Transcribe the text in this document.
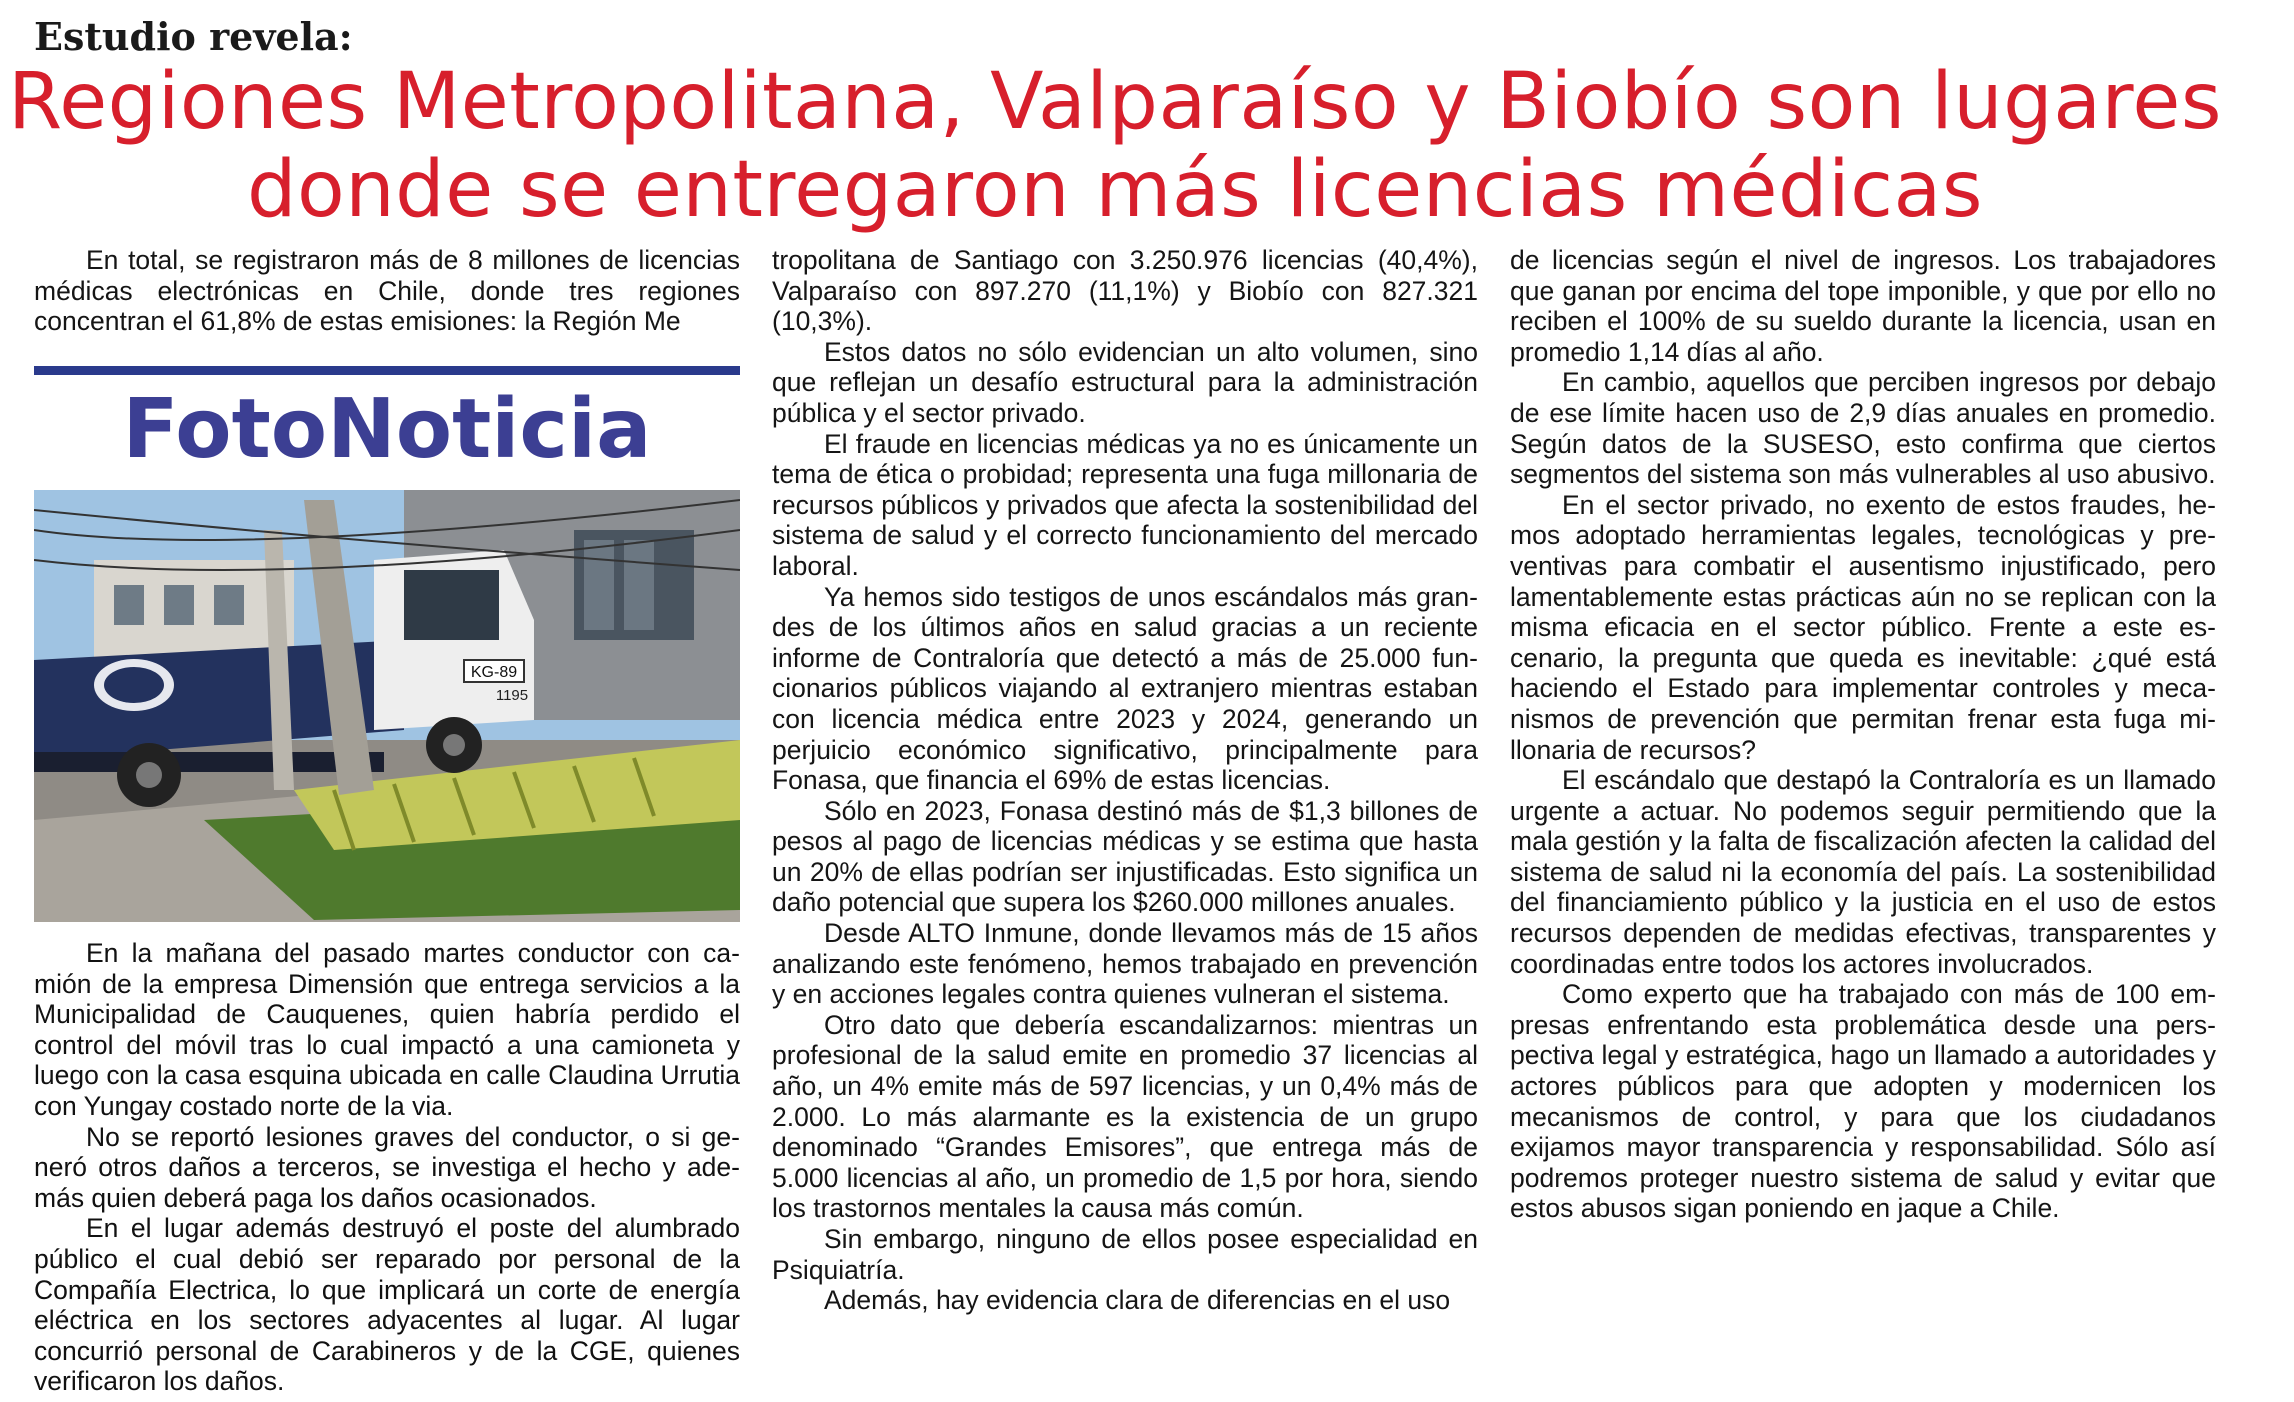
Estudio revela:
Regiones Metropolitana, Valparaíso y Biobío son lugares
donde se entregaron más licencias médicas

En total, se registraron más de 8 millones de licencias médicas electrónicas en Chile, donde tres regiones concentran el 61,8% de estas emisiones: la Región Me

FotoNoticia
KG-89
1195

En la mañana del pasado martes conductor con camión de la empresa Dimensión que entrega servicios a la Municipalidad de Cauquenes, quien habría perdido el control del móvil tras lo cual impactó a una camioneta y luego con la casa esquina ubicada en calle Claudina Urrutia con Yungay costado norte de la via.

No se reportó lesiones graves del conductor, o si generó otros daños a terceros, se investiga el hecho y además quien deberá paga los daños ocasionados.

En el lugar además destruyó el poste del alumbrado público el cual debió ser reparado por personal de la Compañía Electrica, lo que implicará un corte de energía eléctrica en los sectores adyacentes al lugar. Al lugar concurrió personal de Carabineros y de la CGE, quienes verificaron los daños.

tropolitana de Santiago con 3.250.976 licencias (40,4%), Valparaíso con 897.270 (11,1%) y Biobío con 827.321 (10,3%).

Estos datos no sólo evidencian un alto volumen, sino que reflejan un desafío estructural para la administración pública y el sector privado.

El fraude en licencias médicas ya no es únicamente un tema de ética o probidad; representa una fuga millonaria de recursos públicos y privados que afecta la sostenibilidad del sistema de salud y el correcto funcionamiento del mercado laboral.

Ya hemos sido testigos de unos escándalos más grandes de los últimos años en salud gracias a un reciente informe de Contraloría que detectó a más de 25.000 funcionarios públicos viajando al extranjero mientras estaban con licencia médica entre 2023 y 2024, generando un perjuicio económico significativo, principalmente para Fonasa, que financia el 69% de estas licencias.

Sólo en 2023, Fonasa destinó más de $1,3 billones de pesos al pago de licencias médicas y se estima que hasta un 20% de ellas podrían ser injustificadas. Esto significa un daño potencial que supera los $260.000 millones anuales.

Desde ALTO Inmune, donde llevamos más de 15 años analizando este fenómeno, hemos trabajado en prevención y en acciones legales contra quienes vulneran el sistema.

Otro dato que debería escandalizarnos: mientras un profesional de la salud emite en promedio 37 licencias al año, un 4% emite más de 597 licencias, y un 0,4% más de 2.000. Lo más alarmante es la existencia de un grupo denominado “Grandes Emisores”, que entrega más de 5.000 licencias al año, un promedio de 1,5 por hora, siendo los trastornos mentales la causa más común.

Sin embargo, ninguno de ellos posee especialidad en Psiquiatría.

Además, hay evidencia clara de diferencias en el uso

de licencias según el nivel de ingresos. Los trabajadores que ganan por encima del tope imponible, y que por ello no reciben el 100% de su sueldo durante la licencia, usan en promedio 1,14 días al año.

En cambio, aquellos que perciben ingresos por debajo de ese límite hacen uso de 2,9 días anuales en promedio. Según datos de la SUSESO, esto confirma que ciertos segmentos del sistema son más vulnerables al uso abusivo.

En el sector privado, no exento de estos fraudes, hemos adoptado herramientas legales, tecnológicas y preventivas para combatir el ausentismo injustificado, pero lamentablemente estas prácticas aún no se replican con la misma eficacia en el sector público. Frente a este escenario, la pregunta que queda es inevitable: ¿qué está haciendo el Estado para implementar controles y mecanismos de prevención que permitan frenar esta fuga millonaria de recursos?

El escándalo que destapó la Contraloría es un llamado urgente a actuar. No podemos seguir permitiendo que la mala gestión y la falta de fiscalización afecten la calidad del sistema de salud ni la economía del país. La sostenibilidad del financiamiento público y la justicia en el uso de estos recursos dependen de medidas efectivas, transparentes y coordinadas entre todos los actores involucrados.

Como experto que ha trabajado con más de 100 empresas enfrentando esta problemática desde una perspectiva legal y estratégica, hago un llamado a autoridades y actores públicos para que adopten y modernicen los mecanismos de control, y para que los ciudadanos exijamos mayor transparencia y responsabilidad. Sólo así podremos proteger nuestro sistema de salud y evitar que estos abusos sigan poniendo en jaque a Chile.
